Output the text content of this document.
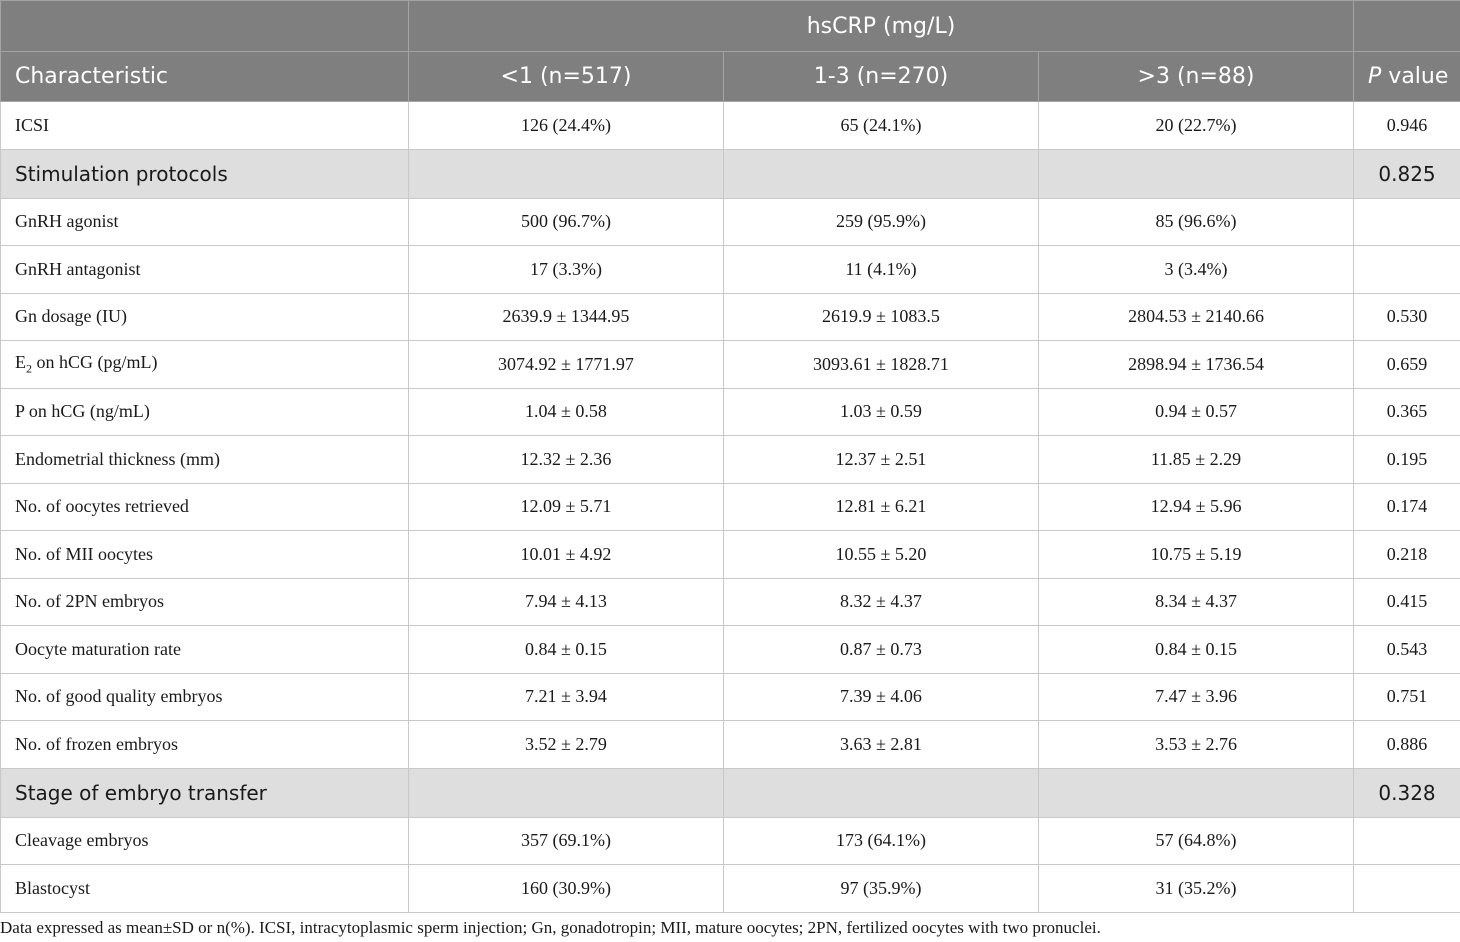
	hsCRP (mg/L)			
Characteristic	<1 (n=517)	1-3 (n=270)	>3 (n=88)	P value
ICSI	126 (24.4%)	65 (24.1%)	20 (22.7%)	0.946
Stimulation protocols				0.825
GnRH agonist	500 (96.7%)	259 (95.9%)	85 (96.6%)	
GnRH antagonist	17 (3.3%)	11 (4.1%)	3 (3.4%)	
Gn dosage (IU)	2639.9 ± 1344.95	2619.9 ± 1083.5	2804.53 ± 2140.66	0.530
$E_2$ on hCG (pg/mL)	3074.92 ± 1771.97	3093.61 ± 1828.71	2898.94 ± 1736.54	0.659
P on hCG (ng/mL)	1.04 ± 0.58	1.03 ± 0.59	0.94 ± 0.57	0.365
Endometrial thickness (mm)	12.32 ± 2.36	12.37 ± 2.51	11.85 ± 2.29	0.195
No. of oocytes retrieved	12.09 ± 5.71	12.81 ± 6.21	12.94 ± 5.96	0.174
No. of MII oocytes	10.01 ± 4.92	10.55 ± 5.20	10.75 ± 5.19	0.218
No. of 2PN embryos	7.94 ± 4.13	8.32 ± 4.37	8.34 ± 4.37	0.415
Oocyte maturation rate	0.84 ± 0.15	0.87 ± 0.73	0.84 ± 0.15	0.543
No. of good quality embryos	7.21 ± 3.94	7.39 ± 4.06	7.47 ± 3.96	0.751
No. of frozen embryos	3.52 ± 2.79	3.63 ± 2.81	3.53 ± 2.76	0.886
Stage of embryo transfer				0.328
Cleavage embryos	357 (69.1%)	173 (64.1%)	57 (64.8%)	
Blastocyst	160 (30.9%)	97 (35.9%)	31 (35.2%)	
Data expressed as mean±SD or n(%). ICSI, intracytoplasmic sperm injection; Gn, gonadotropin; MII, mature oocytes; 2PN, fertilized oocytes with two pronuclei.
